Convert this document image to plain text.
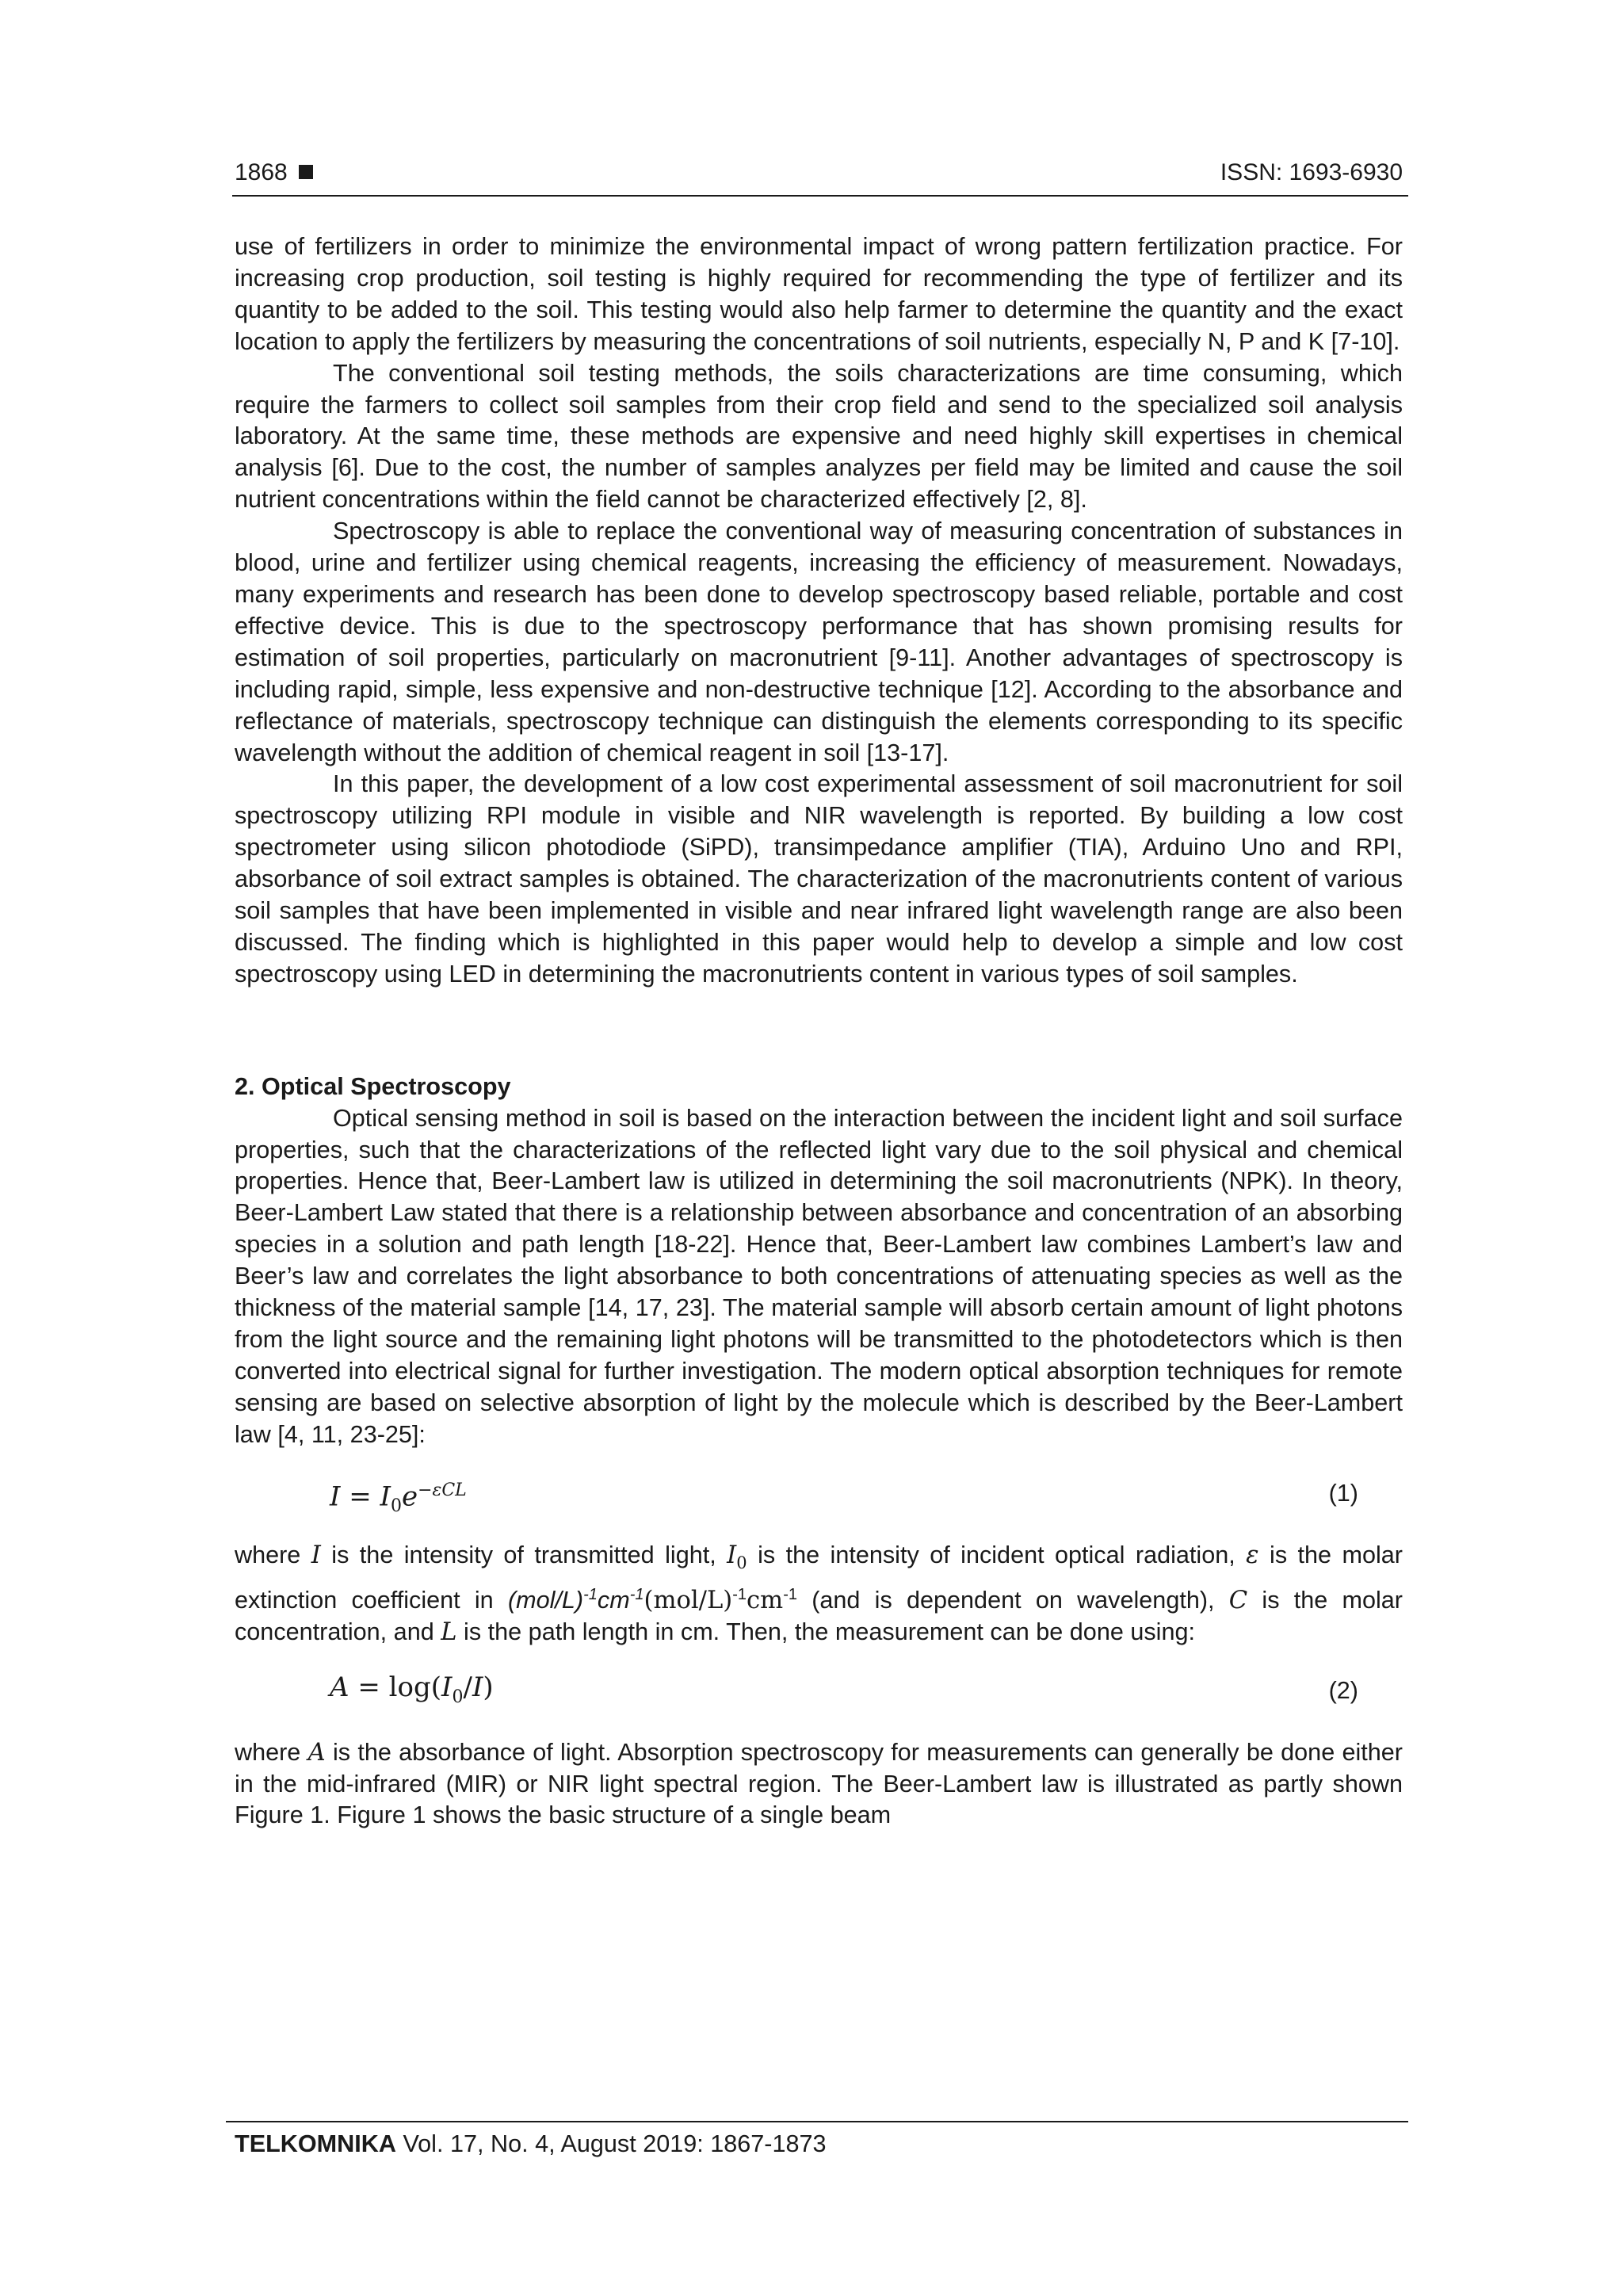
1868	ISSN: 1693-6930

use of fertilizers in order to minimize the environmental impact of wrong pattern fertilization practice. For increasing crop production, soil testing is highly required for recommending the type of fertilizer and its quantity to be added to the soil. This testing would also help farmer to determine the quantity and the exact location to apply the fertilizers by measuring the concentrations of soil nutrients, especially N, P and K [7-10].

The conventional soil testing methods, the soils characterizations are time consuming, which require the farmers to collect soil samples from their crop field and send to the specialized soil analysis laboratory. At the same time, these methods are expensive and need highly skill expertises in chemical analysis [6]. Due to the cost, the number of samples analyzes per field may be limited and cause the soil nutrient concentrations within the field cannot be characterized effectively [2, 8].

Spectroscopy is able to replace the conventional way of measuring concentration of substances in blood, urine and fertilizer using chemical reagents, increasing the efficiency of measurement. Nowadays, many experiments and research has been done to develop spectroscopy based reliable, portable and cost effective device. This is due to the spectroscopy performance that has shown promising results for estimation of soil properties, particularly on macronutrient [9-11]. Another advantages of spectroscopy is including rapid, simple, less expensive and non-destructive technique [12]. According to the absorbance and reflectance of materials, spectroscopy technique can distinguish the elements corresponding to its specific wavelength without the addition of chemical reagent in soil [13-17].

In this paper, the development of a low cost experimental assessment of soil macronutrient for soil spectroscopy utilizing RPI module in visible and NIR wavelength is reported. By building a low cost spectrometer using silicon photodiode (SiPD), transimpedance amplifier (TIA), Arduino Uno and RPI, absorbance of soil extract samples is obtained. The characterization of the macronutrients content of various soil samples that have been implemented in visible and near infrared light wavelength range are also been discussed. The finding which is highlighted in this paper would help to develop a simple and low cost spectroscopy using LED in determining the macronutrients content in various types of soil samples.

2. Optical Spectroscopy

Optical sensing method in soil is based on the interaction between the incident light and soil surface properties, such that the characterizations of the reflected light vary due to the soil physical and chemical properties. Hence that, Beer-Lambert law is utilized in determining the soil macronutrients (NPK). In theory, Beer-Lambert Law stated that there is a relationship between absorbance and concentration of an absorbing species in a solution and path length [18-22]. Hence that, Beer-Lambert law combines Lambert’s law and Beer’s law and correlates the light absorbance to both concentrations of attenuating species as well as the thickness of the material sample [14, 17, 23]. The material sample will absorb certain amount of light photons from the light source and the remaining light photons will be transmitted to the photodetectors which is then converted into electrical signal for further investigation. The modern optical absorption techniques for remote sensing are based on selective absorption of light by the molecule which is described by the Beer-Lambert law [4, 11, 23-25]:

$I = I_0e^{-\varepsilon CL}$	(1)

where I is the intensity of transmitted light, $I_0$ is the intensity of incident optical radiation, ε is the molar extinction coefficient in $(mol/L)^{-1}cm^{-1}(mol/L)^{-1}cm^{-1}$ (and is dependent on wavelength), C is the molar concentration, and L is the path length in cm. Then, the measurement can be done using:

$A = \log(I_0/I)$	(2)

where A is the absorbance of light. Absorption spectroscopy for measurements can generally be done either in the mid-infrared (MIR) or NIR light spectral region. The Beer-Lambert law is illustrated as partly shown Figure 1. Figure 1 shows the basic structure of a single beam

TELKOMNIKA Vol. 17, No. 4, August 2019: 1867-1873
